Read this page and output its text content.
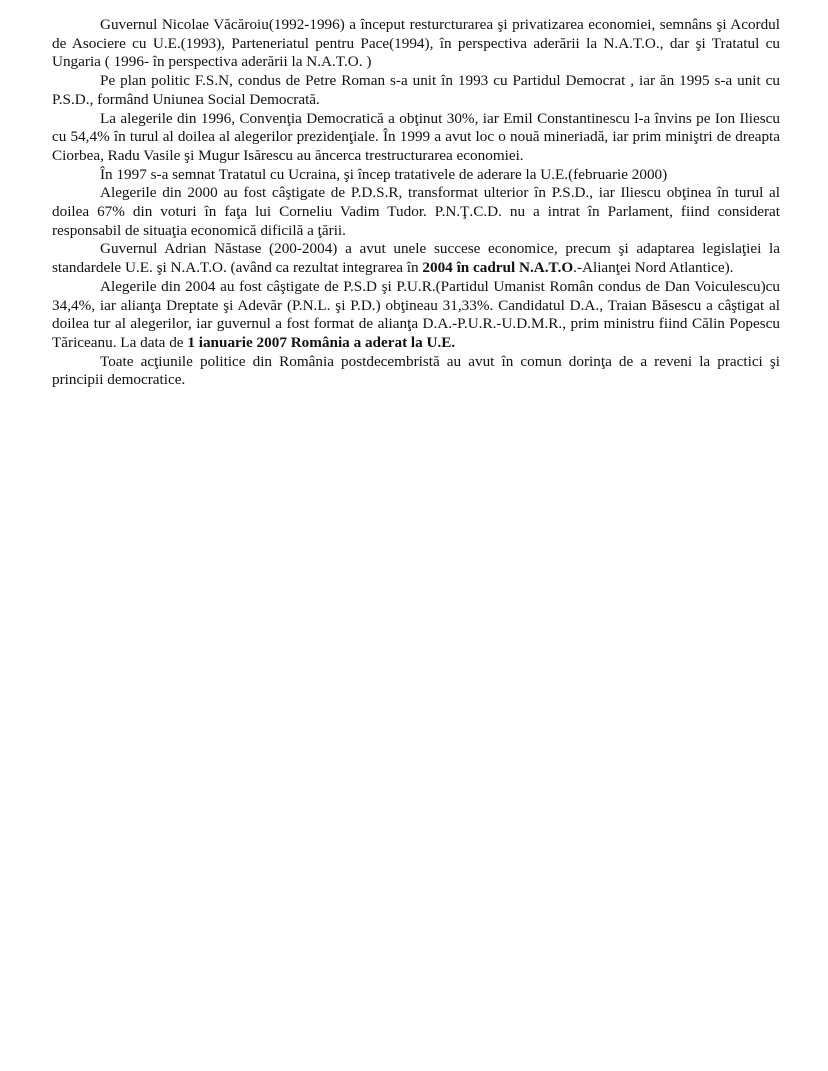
Guvernul Nicolae Văcăroiu(1992-1996) a început resturcturarea şi privatizarea economiei, semnâns şi Acordul de Asociere cu U.E.(1993), Parteneriatul pentru Pace(1994), în perspectiva aderării la N.A.T.O., dar şi Tratatul cu Ungaria ( 1996- în perspectiva aderării la N.A.T.O. )

Pe plan politic F.S.N, condus de Petre Roman s-a unit în 1993 cu Partidul Democrat , iar ăn 1995 s-a unit cu P.S.D., formând Uniunea Social Democrată.

La alegerile din 1996, Convenţia Democratică a obţinut 30%, iar Emil Constantinescu l-a învins pe Ion Iliescu cu 54,4% în turul al doilea al alegerilor prezidenţiale. În 1999 a avut loc o nouă mineriadă, iar prim miniştri de dreapta Ciorbea, Radu Vasile şi Mugur Isărescu au ăncerca trestructurarea economiei.

În 1997 s-a semnat Tratatul cu Ucraina, şi încep tratativele de aderare la U.E.(februarie 2000)

Alegerile din 2000 au fost câştigate de P.D.S.R, transformat ulterior în P.S.D., iar Iliescu obţinea în turul al doilea 67% din voturi în faţa lui Corneliu Vadim Tudor. P.N.Ţ.C.D. nu a intrat în Parlament, fiind considerat responsabil de situaţia economică dificilă a ţării.

Guvernul Adrian Năstase (200-2004) a avut unele succese economice, precum şi adaptarea legislaţiei la standardele U.E. şi N.A.T.O. (având ca rezultat integrarea în 2004 în cadrul N.A.T.O.-Alianţei Nord Atlantice).

Alegerile din 2004 au fost câştigate de P.S.D şi P.U.R.(Partidul Umanist Român condus de Dan Voiculescu)cu 34,4%, iar alianţa Dreptate şi Adevăr (P.N.L. şi P.D.) obţineau 31,33%. Candidatul D.A., Traian Băsescu a câştigat al doilea tur al alegerilor, iar guvernul a fost format de alianţa D.A.-P.U.R.-U.D.M.R., prim ministru fiind Călin Popescu Tăriceanu. La data de 1 ianuarie 2007 România a aderat la U.E.

Toate acţiunile politice din România postdecembristă au avut în comun dorinţa de a reveni la practici şi principii democratice.
